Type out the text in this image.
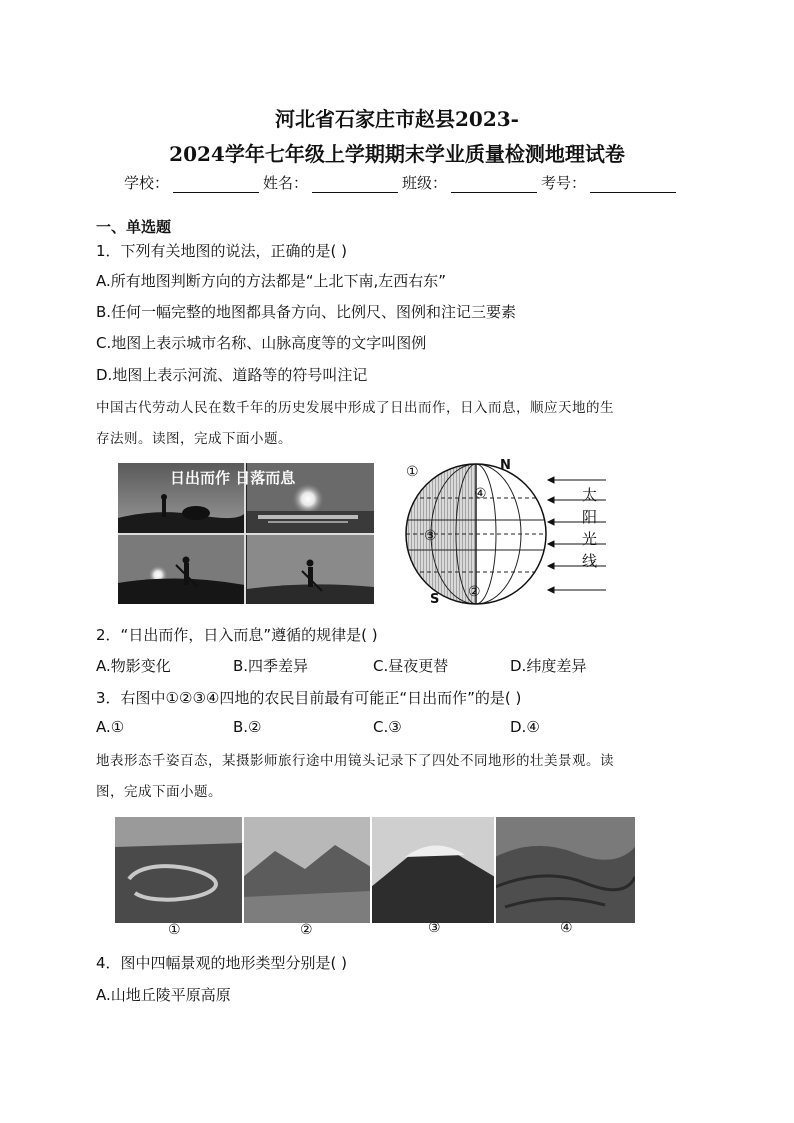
河北省石家庄市赵县2023-
2024学年七年级上学期期末学业质量检测地理试卷
学校：	姓名：	班级：	考号：
一、单选题
1．下列有关地图的说法，正确的是( )
A.所有地图判断方向的方法都是“上北下南,左西右东”
B.任何一幅完整的地图都具备方向、比例尺、图例和注记三要素
C.地图上表示城市名称、山脉高度等的文字叫图例
D.地图上表示河流、道路等的符号叫注记
中国古代劳动人民在数千年的历史发展中形成了日出而作，日入而息，顺应天地的生
存法则。读图，完成下面小题。
日出而作 日落而息
N
S
①
②
③
④	太
阳
光
线
2．“日出而作，日入而息”遵循的规律是( )
A.物影变化	B.四季差异	C.昼夜更替	D.纬度差异
3．右图中①②③④四地的农民目前最有可能正“日出而作”的是( )
A.①	B.②	C.③	D.④
地表形态千姿百态，某摄影师旅行途中用镜头记录下了四处不同地形的壮美景观。读
图，完成下面小题。
①	②	③	④
4．图中四幅景观的地形类型分别是( )
A.山地丘陵平原高原
